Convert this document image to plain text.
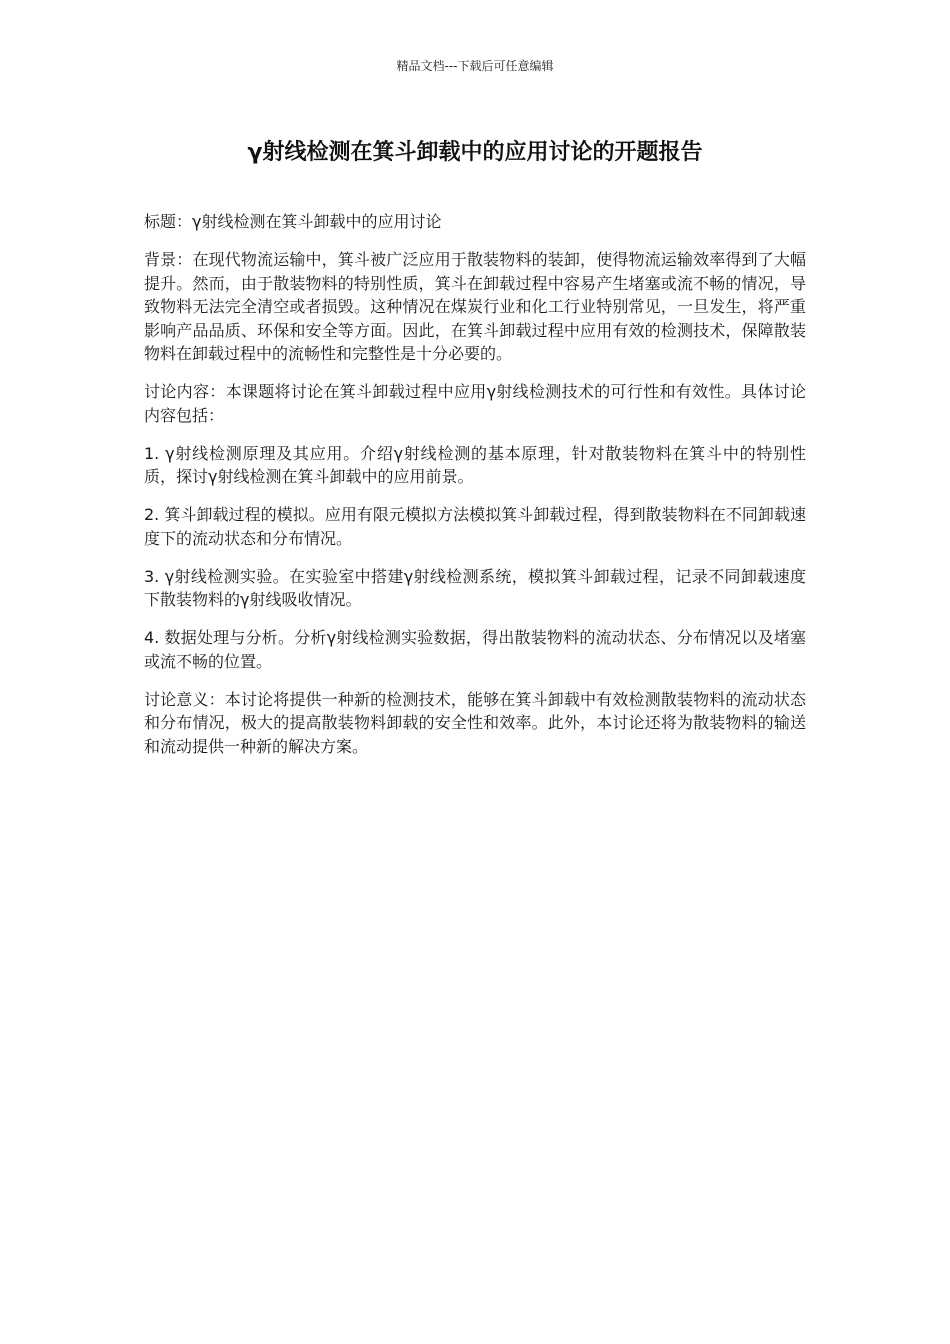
精品文档---下载后可任意编辑
γ射线检测在箕斗卸载中的应用讨论的开题报告

标题：γ射线检测在箕斗卸载中的应用讨论

背景：在现代物流运输中，箕斗被广泛应用于散装物料的装卸，使得物流运输效率得到了大幅提升。然而，由于散装物料的特别性质，箕斗在卸载过程中容易产生堵塞或流不畅的情况，导致物料无法完全清空或者损毁。这种情况在煤炭行业和化工行业特别常见，一旦发生，将严重影响产品品质、环保和安全等方面。因此，在箕斗卸载过程中应用有效的检测技术，保障散装物料在卸载过程中的流畅性和完整性是十分必要的。

讨论内容：本课题将讨论在箕斗卸载过程中应用γ射线检测技术的可行性和有效性。具体讨论内容包括：

1. γ射线检测原理及其应用。介绍γ射线检测的基本原理，针对散装物料在箕斗中的特别性质，探讨γ射线检测在箕斗卸载中的应用前景。

2. 箕斗卸载过程的模拟。应用有限元模拟方法模拟箕斗卸载过程，得到散装物料在不同卸载速度下的流动状态和分布情况。

3. γ射线检测实验。在实验室中搭建γ射线检测系统，模拟箕斗卸载过程，记录不同卸载速度下散装物料的γ射线吸收情况。

4. 数据处理与分析。分析γ射线检测实验数据，得出散装物料的流动状态、分布情况以及堵塞或流不畅的位置。

讨论意义：本讨论将提供一种新的检测技术，能够在箕斗卸载中有效检测散装物料的流动状态和分布情况，极大的提高散装物料卸载的安全性和效率。此外，本讨论还将为散装物料的输送和流动提供一种新的解决方案。
